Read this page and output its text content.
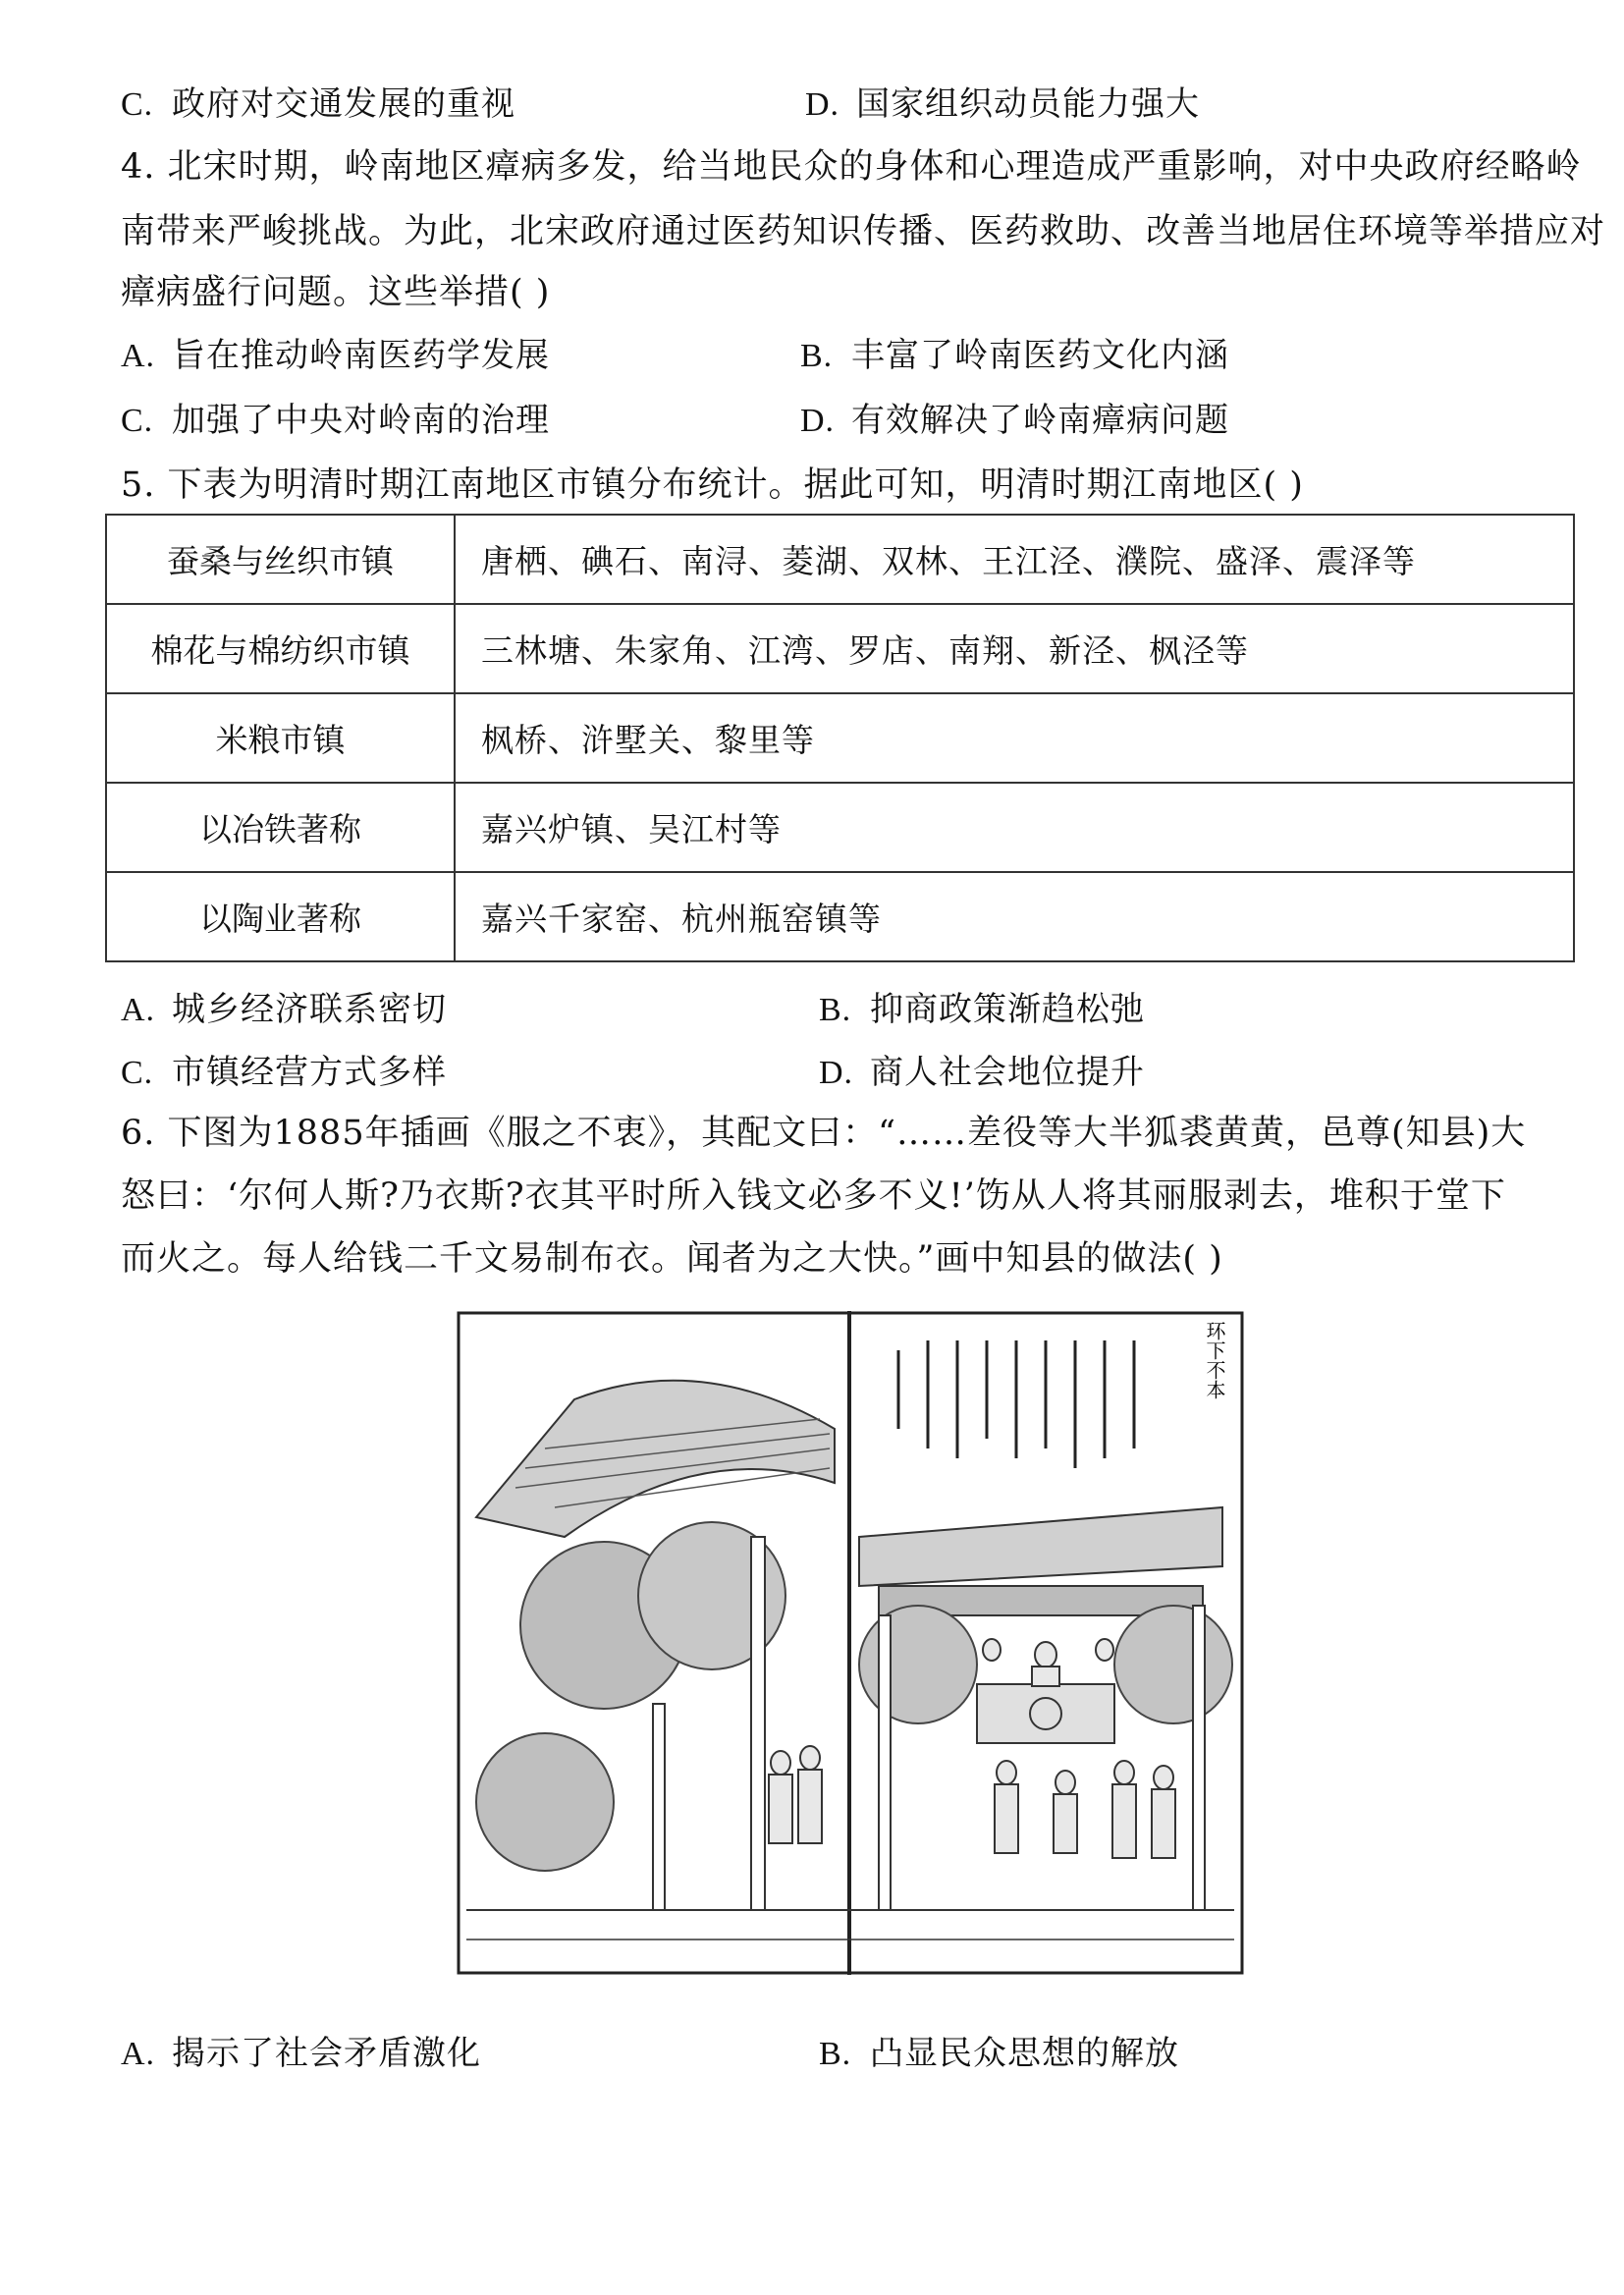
C. 政府对交通发展的重视	D. 国家组织动员能力强大
4. 北宋时期，岭南地区瘴病多发，给当地民众的身体和心理造成严重影响，对中央政府经略岭
南带来严峻挑战。为此，北宋政府通过医药知识传播、医药救助、改善当地居住环境等举措应对
瘴病盛行问题。这些举措( )
A. 旨在推动岭南医药学发展	B. 丰富了岭南医药文化内涵
C. 加强了中央对岭南的治理	D. 有效解决了岭南瘴病问题
5. 下表为明清时期江南地区市镇分布统计。据此可知，明清时期江南地区( )
蚕桑与丝织市镇	唐栖、碘石、南浔、菱湖、双林、王江泾、濮院、盛泽、震泽等
棉花与棉纺织市镇	三林塘、朱家角、江湾、罗店、南翔、新泾、枫泾等
米粮市镇	枫桥、浒墅关、黎里等
以冶铁著称	嘉兴炉镇、吴江村等
以陶业著称	嘉兴千家窑、杭州瓶窑镇等
A. 城乡经济联系密切	B. 抑商政策渐趋松弛
C. 市镇经营方式多样	D. 商人社会地位提升
6. 下图为1885年插画《服之不衷》，其配文曰：“……差役等大半狐裘黄黄，邑尊(知县)大
怒曰：‘尔何人斯?乃衣斯?衣其平时所入钱文必多不义!’饬从人将其丽服剥去，堆积于堂下
而火之。每人给钱二千文易制布衣。闻者为之大快。”画中知县的做法( )
环下不本
A. 揭示了社会矛盾激化	B. 凸显民众思想的解放
